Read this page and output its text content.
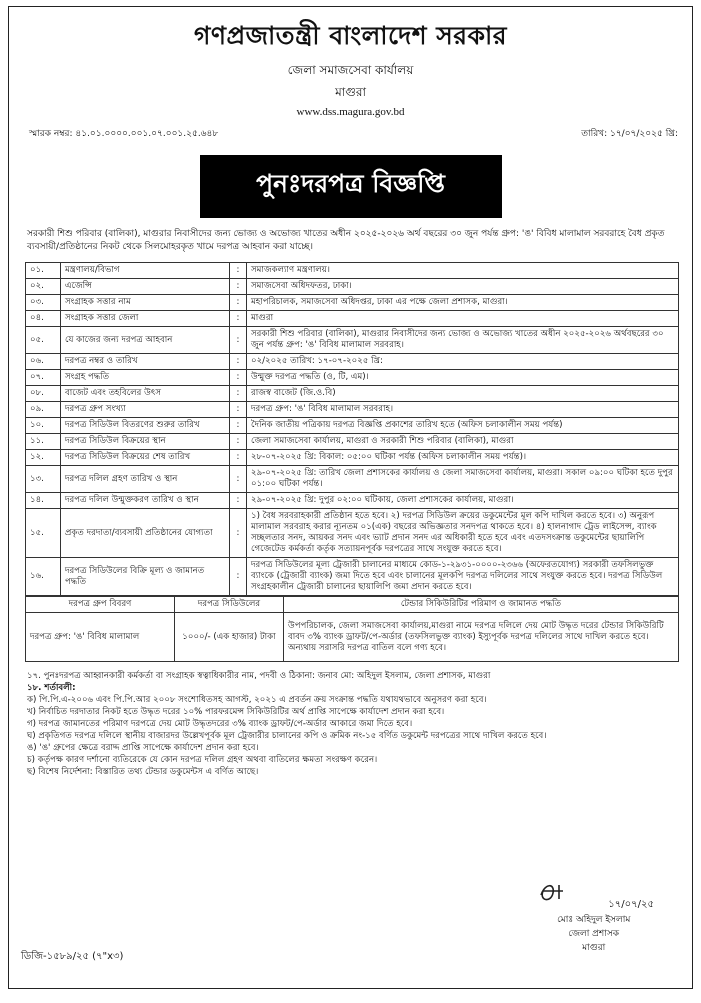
গণপ্রজাতন্ত্রী বাংলাদেশ সরকার
জেলা সমাজসেবা কার্যালয়
মাগুরা
www.dss.magura.gov.bd
স্মারক নম্বর: ৪১.০১.০০০০.০০১.০৭.০০১.২৫.৬৪৮	তারিখ: ১৭/০৭/২০২৫ খ্রি:
পুনঃদরপত্র বিজ্ঞপ্তি
সরকারী শিশু পরিবার (বালিকা), মাগুরার নিবাসীদের জন্য ভোজ্য ও অভোজ্য খাতের অধীন ২০২৫-২০২৬ অর্থ বছরের ৩০ জুন পর্যন্ত গ্রুপ: 'ঙ' বিবিধ মালামাল সরবরাহে বৈধ প্রকৃত ব্যবসায়ী/প্রতিষ্ঠানের নিকট থেকে সিলমোহরকৃত খামে দরপত্র আহবান করা যাচ্ছে।
০১.	মন্ত্রণালয়/বিভাগ	:	সমাজকল্যাণ মন্ত্রণালয়।
০২.	এজেন্সি	:	সমাজসেবা অধিদফতর, ঢাকা।
০৩.	সংগ্রাহক সত্তার নাম	:	মহাপরিচালক, সমাজসেবা অধিদপ্তর, ঢাকা এর পক্ষে জেলা প্রশাসক, মাগুরা।
০৪.	সংগ্রাহক সত্তার জেলা	:	মাগুরা
০৫.	যে কাজের জন্য দরপত্র আহবান	:	সরকারী শিশু পরিবার (বালিকা), মাগুরার নিবাসীদের জন্য ভোজ্য ও অভোজ্য খাতের অধীন ২০২৫-২০২৬ অর্থবছরের ৩০ জুন পর্যন্ত গ্রুপ: 'ঙ' বিবিধ মালামাল সরবরাহ।
০৬.	দরপত্র নম্বর ও তারিখ	:	০২/২০২৫ তারিখ: ১৭-০৭-২০২৫ খ্রি:
০৭.	সংগ্রহ পদ্ধতি	:	উন্মুক্ত দরপত্র পদ্ধতি (ও, টি, এম)।
০৮.	বাজেট এবং তহবিলের উৎস	:	রাজস্ব বাজেট (জি.ও.বি)
০৯.	দরপত্র গ্রুপ সংখ্যা	:	দরপত্র গ্রুপ: 'ঙ' বিবিধ মালামাল সরবরাহ।
১০.	দরপত্র সিডিউল বিতরণের শুরুর তারিখ	:	দৈনিক জাতীয় পত্রিকায় দরপত্র বিজ্ঞপ্তি প্রকাশের তারিখ হতে (অফিস চলাকালীন সময় পর্যন্ত)
১১.	দরপত্র সিডিউল বিক্রয়ের স্থান	:	জেলা সমাজসেবা কার্যালয়, মাগুরা ও সরকারী শিশু পরিবার (বালিকা), মাগুরা
১২.	দরপত্র সিডিউল বিক্রয়ের শেষ তারিখ	:	২৮-০৭-২০২৫ খ্রি: বিকাল: ০৫:০০ ঘটিকা পর্যন্ত (অফিস চলাকালীন সময় পর্যন্ত)।
১৩.	দরপত্র দলিল গ্রহণ তারিখ ও স্থান	:	২৯-০৭-২০২৫ খ্রি: তারিখ জেলা প্রশাসকের কার্যালয় ও জেলা সমাজসেবা কার্যালয়, মাগুরা। সকাল ০৯:০০ ঘটিকা হতে দুপুর ০১:০০ ঘটিকা পর্যন্ত।
১৪.	দরপত্র দলিল উন্মুক্তকরণ তারিখ ও স্থান	:	২৯-০৭-২০২৫ খ্রি: দুপুর ০২:০০ ঘটিকায়, জেলা প্রশাসকের কার্যালয়, মাগুরা।
১৫.	প্রকৃত দরদাতা/ব্যবসায়ী প্রতিষ্ঠানের যোগ্যতা	:	১) বৈধ সরবরাহকারী প্রতিষ্ঠান হতে হবে। ২) দরপত্র সিডিউল ক্রয়ের ডকুমেন্টের মূল কপি দাখিল করতে হবে। ৩) অনুরূপ মালামাল সরবরাহ করার ন্যূনতম ০১(এক) বছরের অভিজ্ঞতার সনদপত্র থাকতে হবে। ৪) হালনাগাদ ট্রেড লাইসেন্স, ব্যাংক সচ্ছলতার সনদ, আয়কর সনদ এবং ভ্যাট প্রদান সনদ এর অধিকারী হতে হবে এবং এতদসংক্রান্ত ডকুমেন্টের ছায়ালিপি গেজেটেড কর্মকর্তা কর্তৃক সত্যায়নপূর্বক দরপত্রের সাথে সংযুক্ত করতে হবে।
১৬.	দরপত্র সিডিউলের বিক্রি মূল্য ও জামানত পদ্ধতি	:	দরপত্র সিডিউলের মূল্য ট্রেজারী চালানের মাধ্যমে কোড-১-২৯৩১-০০০০-২৩৬৬ (অফেরতযোগ্য) সরকারী তফসিলভুক্ত ব্যাংকে (ট্রেজারী ব্যাংক) জমা দিতে হবে এবং চালানের মূলকপি দরপত্র দলিলের সাথে সংযুক্ত করতে হবে। দরপত্র সিডিউল সংগ্রহকালীন ট্রেজারী চালানের ছায়ালিপি জমা প্রদান করতে হবে।
দরপত্র গ্রুপ বিবরণ	দরপত্র সিডিউলের	টেন্ডার সিকিউরিটির পরিমাণ ও জামানত পদ্ধতি
দরপত্র গ্রুপ: 'ঙ' বিবিধ মালামাল	১০০০/- (এক হাজার) টাকা	উপপরিচালক, জেলা সমাজসেবা কার্যালয়,মাগুরা নামে দরপত্র দলিলে দেয় মোট উদ্ধৃত দরের টেন্ডার সিকিউরিটি বাবদ ৩% ব্যাংক ড্রাফট/পে-অর্ডার (তফসিলভুক্ত ব্যাংক) ইস্যুপূর্বক দরপত্র দলিলের সাথে দাখিল করতে হবে। অন্যথায় সরাসরি দরপত্র বাতিল বলে গণ্য হবে।
১৭. পুনঃদরপত্র আহ্বানকারী কর্মকর্তা বা সংগ্রাহক স্বত্বাধিকারীর নাম, পদবী ও ঠিকানা: জনাব মো: অহিদুল ইসলাম, জেলা প্রশাসক, মাগুরা
১৮. শর্তাবলী:
ক) পি.পি.এ-২০০৬ এবং পি.পি.আর ২০০৮ সংশোধিতসহ আগস্ট, ২০২১ এ প্রবর্তন ক্রয় সংক্রান্ত পদ্ধতি যথাযথভাবে অনুসরণ করা হবে।
খ) নির্বাচিত দরদাতার নিকট হতে উদ্ধৃত দরের ১০% পারফরমেন্স সিকিউরিটির অর্থ প্রাপ্তি সাপেক্ষে কার্যাদেশ প্রদান করা হবে।
গ) দরপত্র জামানতের পরিমাণ দরপত্রে দেয় মোট উদ্ধৃতদরের ৩% ব্যাংক ড্রাফট/পে-অর্ডার আকারে জমা দিতে হবে।
ঘ) প্রকৃতিগত দরপত্র দলিলে স্থানীয় বাজারদর উল্লেখপূর্বক মূল ট্রেজারীর চালানের কপি ও ক্রমিক নং-১৫ বর্ণিত ডকুমেন্ট দরপত্রের সাথে দাখিল করতে হবে।
ঙ) 'ঙ' গ্রুপের ক্ষেত্রে বরাদ্দ প্রাপ্তি সাপেক্ষে কার্যাদেশ প্রদান করা হবে।
চ) কর্তৃপক্ষ কারণ দর্শানো ব্যতিরেকে যে কোন দরপত্র দলিল গ্রহণ অথবা বাতিলের ক্ষমতা সংরক্ষণ করেন।
ছ) বিশেষ নির্দেশনা: বিস্তারিত তথ্য টেন্ডার ডকুমেন্টস এ বর্ণিত আছে।
১৭/০৭/২৫
মোঃ অহিদুল ইসলাম
জেলা প্রশাসক
মাগুরা
ডিজি-১৫৮৯/২৫ (৭"x৩)
